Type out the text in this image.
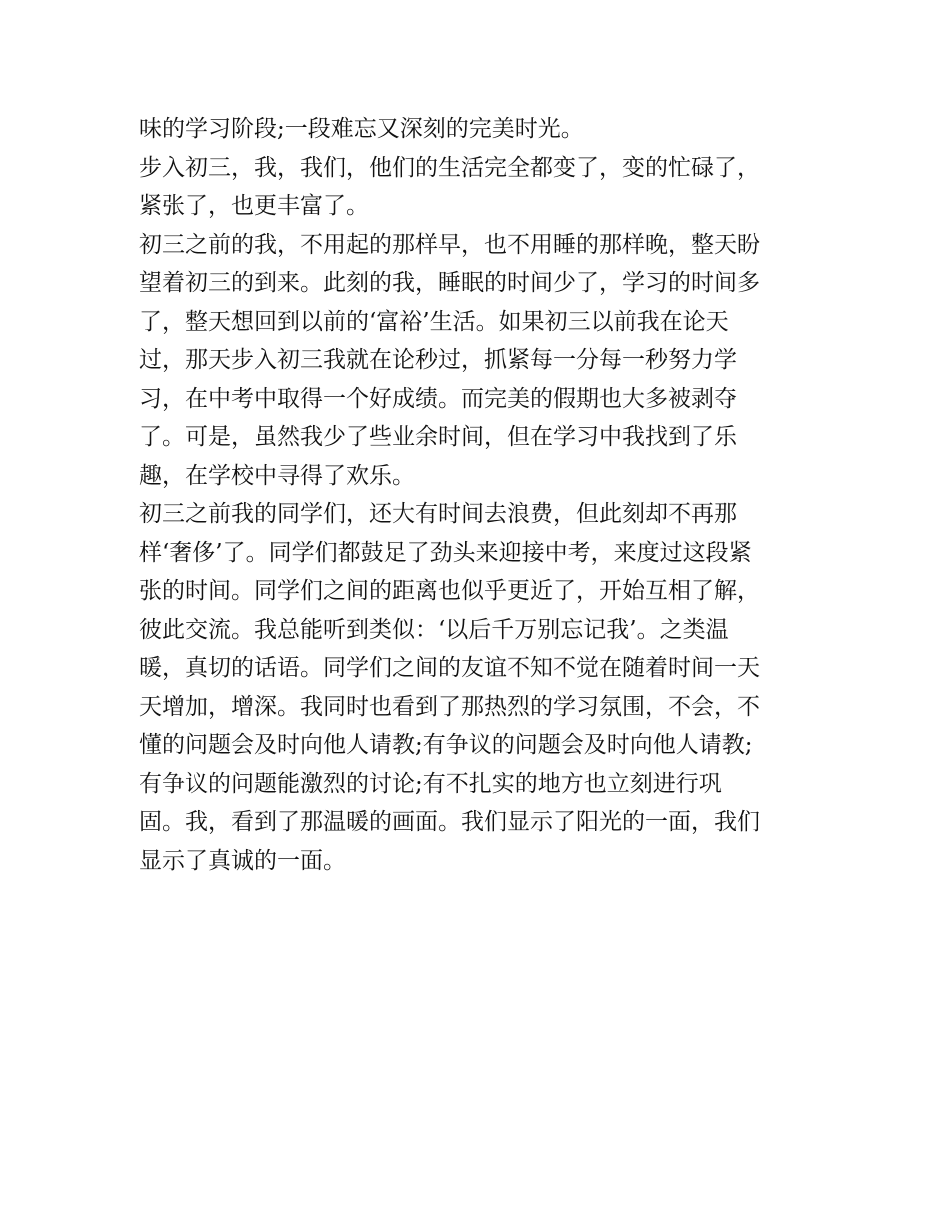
味的学习阶段;一段难忘又深刻的完美时光。
步入初三，我，我们，他们的生活完全都变了，变的忙碌了，
紧张了，也更丰富了。
初三之前的我，不用起的那样早，也不用睡的那样晚，整天盼
望着初三的到来。此刻的我，睡眠的时间少了，学习的时间多
了，整天想回到以前的‘富裕’生活。如果初三以前我在论天
过，那天步入初三我就在论秒过，抓紧每一分每一秒努力学
习，在中考中取得一个好成绩。而完美的假期也大多被剥夺
了。可是，虽然我少了些业余时间，但在学习中我找到了乐
趣，在学校中寻得了欢乐。
初三之前我的同学们，还大有时间去浪费，但此刻却不再那
样‘奢侈’了。同学们都鼓足了劲头来迎接中考，来度过这段紧
张的时间。同学们之间的距离也似乎更近了，开始互相了解，
彼此交流。我总能听到类似：‘以后千万别忘记我’。之类温
暖，真切的话语。同学们之间的友谊不知不觉在随着时间一天
天增加，增深。我同时也看到了那热烈的学习氛围，不会，不
懂的问题会及时向他人请教;有争议的问题会及时向他人请教;
有争议的问题能激烈的讨论;有不扎实的地方也立刻进行巩
固。我，看到了那温暖的画面。我们显示了阳光的一面，我们
显示了真诚的一面。
